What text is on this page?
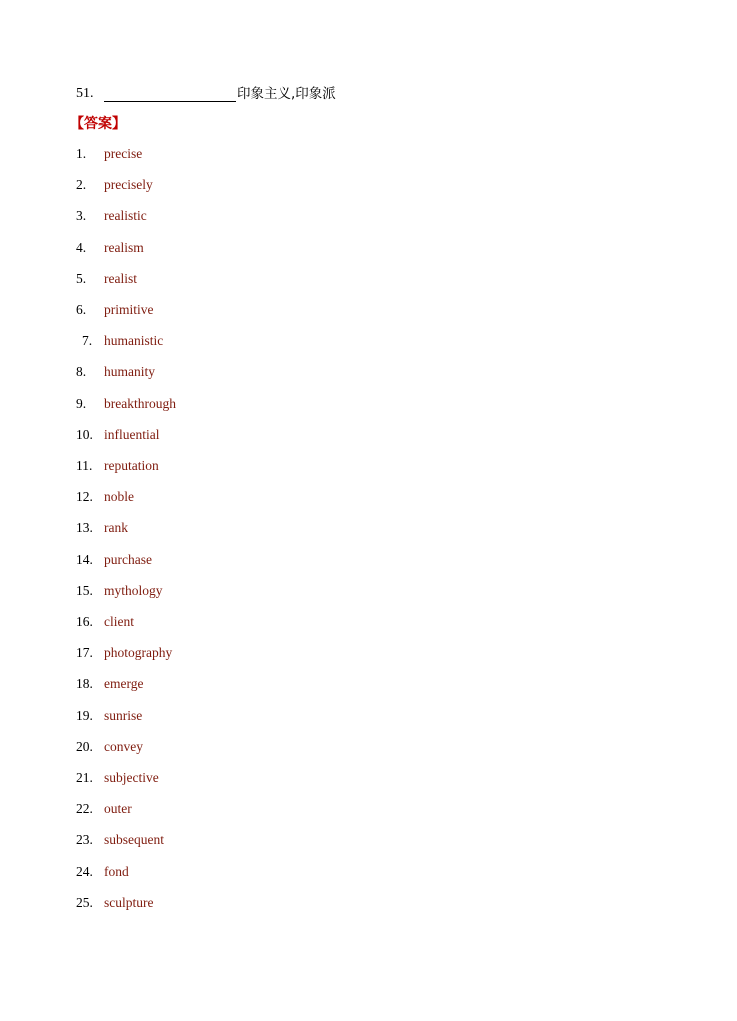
51.	印象主义,印象派
【答案】
1. precise
2. precisely
3. realistic
4. realism
5. realist
6. primitive
7. humanistic
8. humanity
9. breakthrough
10. influential
11. reputation
12. noble
13. rank
14. purchase
15. mythology
16. client
17. photography
18. emerge
19. sunrise
20. convey
21. subjective
22. outer
23. subsequent
24. fond
25. sculpture
